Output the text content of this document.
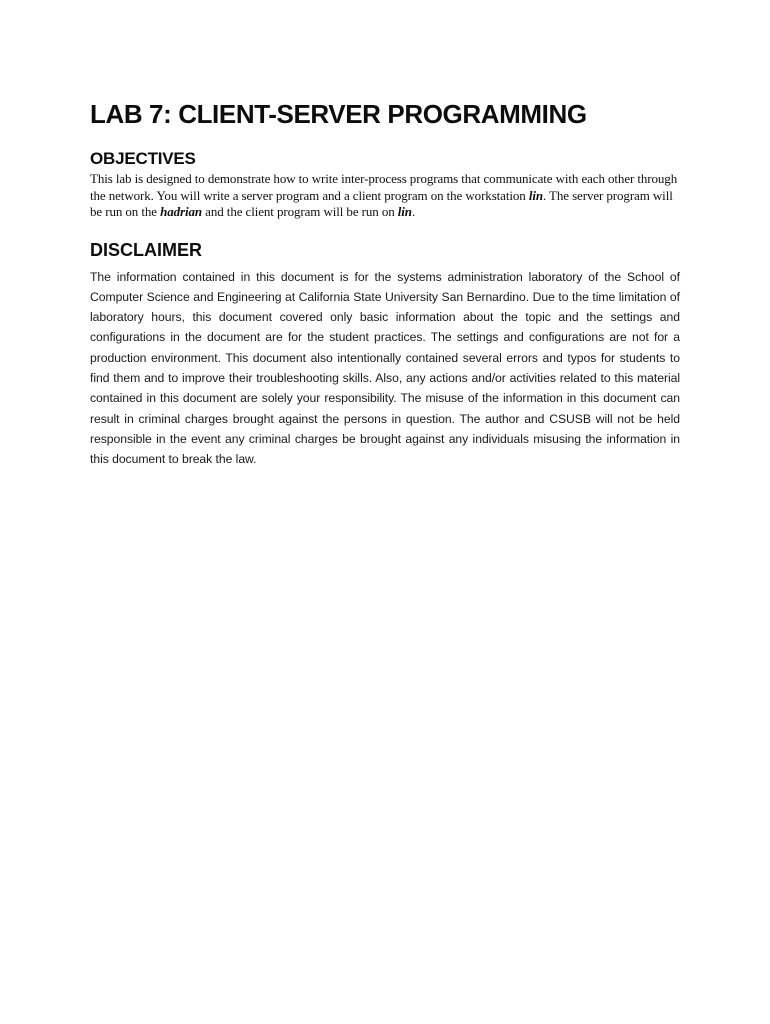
LAB 7: CLIENT-SERVER PROGRAMMING
OBJECTIVES

This lab is designed to demonstrate how to write inter-process programs that communicate with each other through the network. You will write a server program and a client program on the workstation lin. The server program will be run on the hadrian and the client program will be run on lin.

DISCLAIMER

The information contained in this document is for the systems administration laboratory of the School of Computer Science and Engineering at California State University San Bernardino. Due to the time limitation of laboratory hours, this document covered only basic information about the topic and the settings and configurations in the document are for the student practices. The settings and configurations are not for a production environment. This document also intentionally contained several errors and typos for students to find them and to improve their troubleshooting skills. Also, any actions and/or activities related to this material contained in this document are solely your responsibility. The misuse of the information in this document can result in criminal charges brought against the persons in question. The author and CSUSB will not be held responsible in the event any criminal charges be brought against any individuals misusing the information in this document to break the law.
